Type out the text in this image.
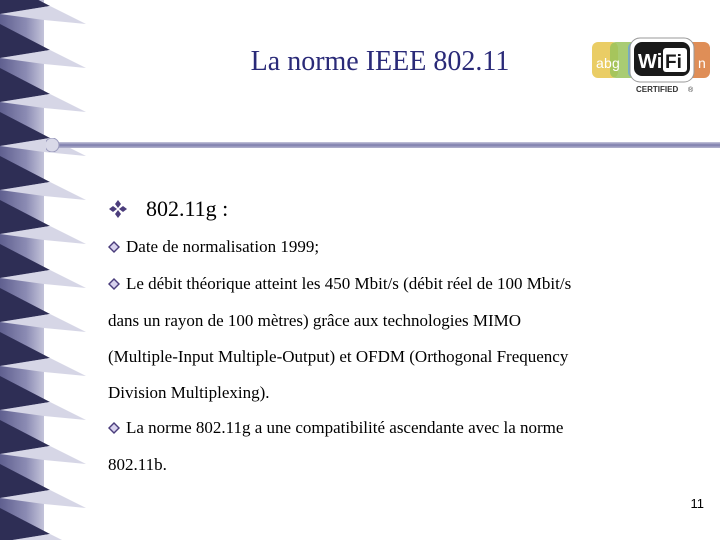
La norme IEEE 802.11	a b g	n
Wi Fi
CERTIFIED ®
802.11g :
Date de normalisation 1999;
Le débit théorique atteint les 450 Mbit/s (débit réel de 100 Mbit/s

dans un rayon de 100 mètres) grâce aux technologies MIMO
(Multiple-Input Multiple-Output) et OFDM (Orthogonal Frequency
Division Multiplexing).
La norme 802.11g a une compatibilité ascendante avec la norme

802.11b.
11
